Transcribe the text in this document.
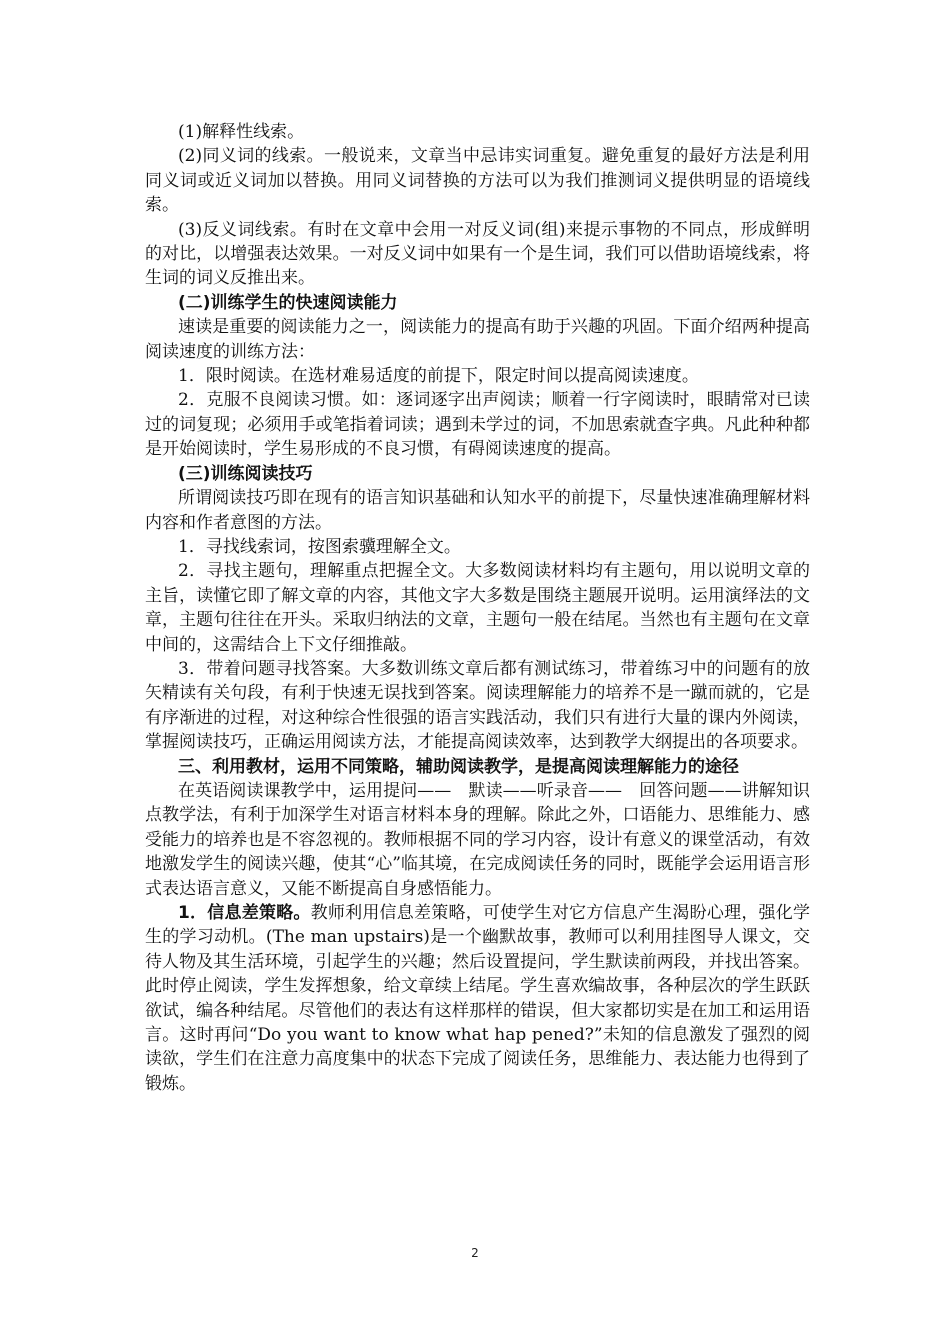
(1)解释性线索。

(2)同义词的线索。一般说来，文章当中忌讳实词重复。避免重复的最好方法是利用同义词或近义词加以替换。用同义词替换的方法可以为我们推测词义提供明显的语境线索。

(3)反义词线索。有时在文章中会用一对反义词(组)来提示事物的不同点，形成鲜明的对比，以增强表达效果。一对反义词中如果有一个是生词，我们可以借助语境线索，将生词的词义反推出来。

(二)训练学生的快速阅读能力

速读是重要的阅读能力之一，阅读能力的提高有助于兴趣的巩固。下面介绍两种提高阅读速度的训练方法：

1．限时阅读。在选材难易适度的前提下，限定时间以提高阅读速度。

2．克服不良阅读习惯。如：逐词逐字出声阅读；顺着一行字阅读时，眼睛常对已读过的词复现；必须用手或笔指着词读；遇到未学过的词，不加思索就查字典。凡此种种都是开始阅读时，学生易形成的不良习惯，有碍阅读速度的提高。

(三)训练阅读技巧

所谓阅读技巧即在现有的语言知识基础和认知水平的前提下，尽量快速准确理解材料内容和作者意图的方法。

1．寻找线索词，按图索骥理解全文。

2．寻找主题句，理解重点把握全文。大多数阅读材料均有主题句，用以说明文章的主旨，读懂它即了解文章的内容，其他文字大多数是围绕主题展开说明。运用演绎法的文章，主题句往往在开头。采取归纳法的文章，主题句一般在结尾。当然也有主题句在文章中间的，这需结合上下文仔细推敲。

3．带着问题寻找答案。大多数训练文章后都有测试练习，带着练习中的问题有的放矢精读有关句段，有利于快速无误找到答案。阅读理解能力的培养不是一蹴而就的，它是有序渐进的过程，对这种综合性很强的语言实践活动，我们只有进行大量的课内外阅读，掌握阅读技巧，正确运用阅读方法，才能提高阅读效率，达到教学大纲提出的各项要求。

三、利用教材，运用不同策略，辅助阅读教学，是提高阅读理解能力的途径

在英语阅读课教学中，运用提问——　默读——听录音——　回答问题——讲解知识点教学法，有利于加深学生对语言材料本身的理解。除此之外，口语能力、思维能力、感受能力的培养也是不容忽视的。教师根据不同的学习内容，设计有意义的课堂活动，有效地激发学生的阅读兴趣，使其“心”临其境，在完成阅读任务的同时，既能学会运用语言形式表达语言意义，又能不断提高自身感悟能力。

1．信息差策略。教师利用信息差策略，可使学生对它方信息产生渴盼心理，强化学生的学习动机。(The man upstairs)是一个幽默故事，教师可以利用挂图导人课文，交待人物及其生活环境，引起学生的兴趣；然后设置提问，学生默读前两段，并找出答案。此时停止阅读，学生发挥想象，给文章续上结尾。学生喜欢编故事，各种层次的学生跃跃欲试，编各种结尾。尽管他们的表达有这样那样的错误，但大家都切实是在加工和运用语言。这时再问“Do you want to know what hap pened?”未知的信息激发了强烈的阅读欲，学生们在注意力高度集中的状态下完成了阅读任务，思维能力、表达能力也得到了锻炼。

2
